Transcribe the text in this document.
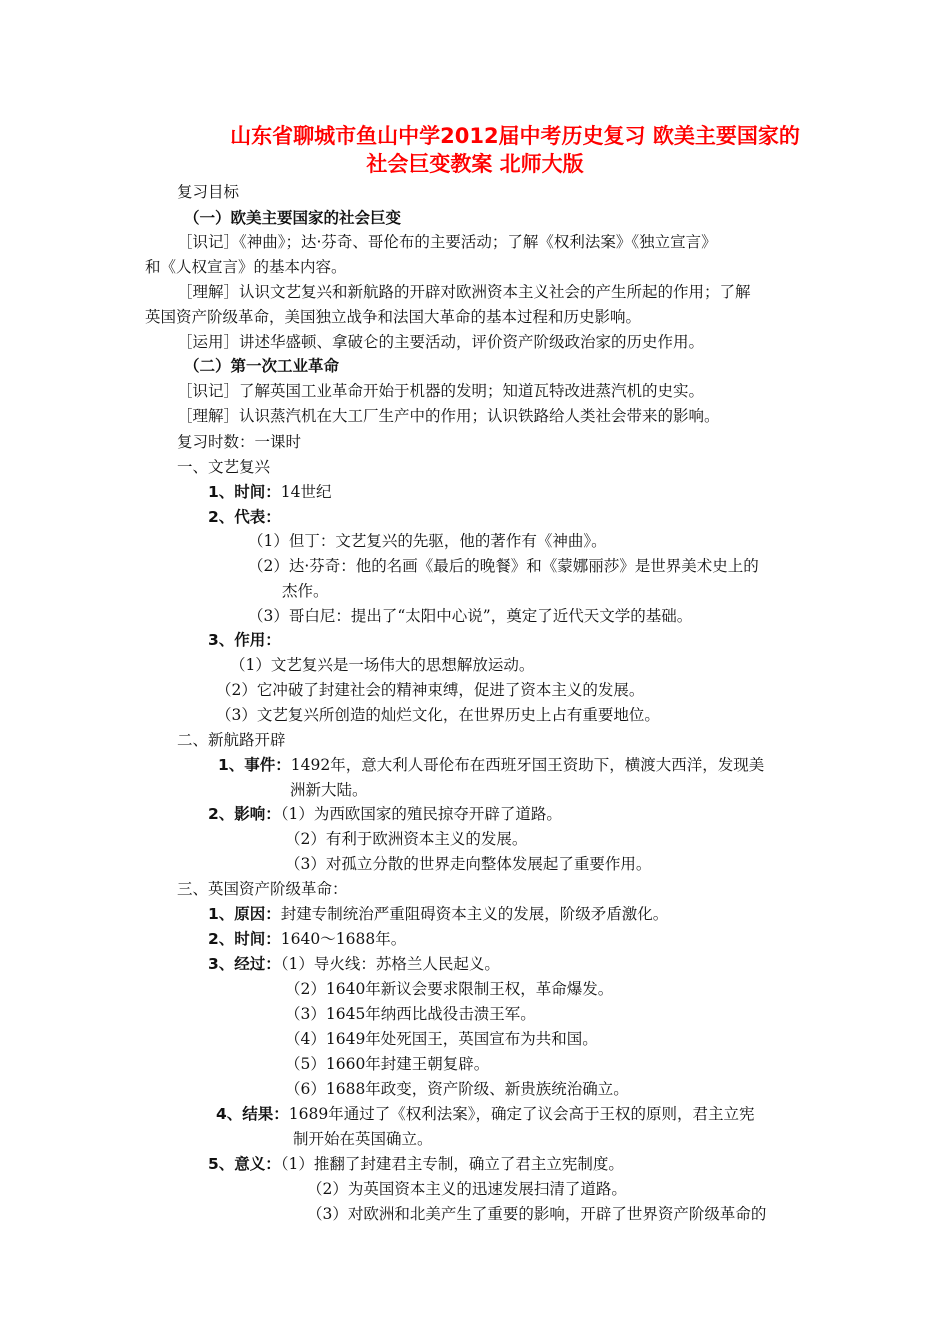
山东省聊城市鱼山中学2012届中考历史复习 欧美主要国家的
社会巨变教案 北师大版
复习目标
（一）欧美主要国家的社会巨变
［识记］《神曲》；达·芬奇、哥伦布的主要活动；了解《权利法案》《独立宣言》
和《人权宣言》的基本内容。
［理解］认识文艺复兴和新航路的开辟对欧洲资本主义社会的产生所起的作用；了解
英国资产阶级革命，美国独立战争和法国大革命的基本过程和历史影响。
［运用］讲述华盛顿、拿破仑的主要活动，评价资产阶级政治家的历史作用。
（二）第一次工业革命
［识记］了解英国工业革命开始于机器的发明；知道瓦特改进蒸汽机的史实。
［理解］认识蒸汽机在大工厂生产中的作用；认识铁路给人类社会带来的影响。
复习时数：一课时
一、文艺复兴
1、时间：14世纪
2、代表：
（1）但丁：文艺复兴的先驱，他的著作有《神曲》。
（2）达·芬奇：他的名画《最后的晚餐》和《蒙娜丽莎》是世界美术史上的
杰作。
（3）哥白尼：提出了“太阳中心说”，奠定了近代天文学的基础。
3、作用：
（1）文艺复兴是一场伟大的思想解放运动。
（2）它冲破了封建社会的精神束缚，促进了资本主义的发展。
（3）文艺复兴所创造的灿烂文化，在世界历史上占有重要地位。
二、新航路开辟
1、事件：1492年，意大利人哥伦布在西班牙国王资助下，横渡大西洋，发现美
洲新大陆。
2、影响：（1）为西欧国家的殖民掠夺开辟了道路。
（2）有利于欧洲资本主义的发展。
（3）对孤立分散的世界走向整体发展起了重要作用。
三、英国资产阶级革命：
1、原因：封建专制统治严重阻碍资本主义的发展，阶级矛盾激化。
2、时间：1640～1688年。
3、经过：（1）导火线：苏格兰人民起义。
（2）1640年新议会要求限制王权，革命爆发。
（3）1645年纳西比战役击溃王军。
（4）1649年处死国王，英国宣布为共和国。
（5）1660年封建王朝复辟。
（6）1688年政变，资产阶级、新贵族统治确立。
4、结果：1689年通过了《权利法案》，确定了议会高于王权的原则，君主立宪
制开始在英国确立。
5、意义：（1）推翻了封建君主专制，确立了君主立宪制度。
（2）为英国资本主义的迅速发展扫清了道路。
（3）对欧洲和北美产生了重要的影响，开辟了世界资产阶级革命的
